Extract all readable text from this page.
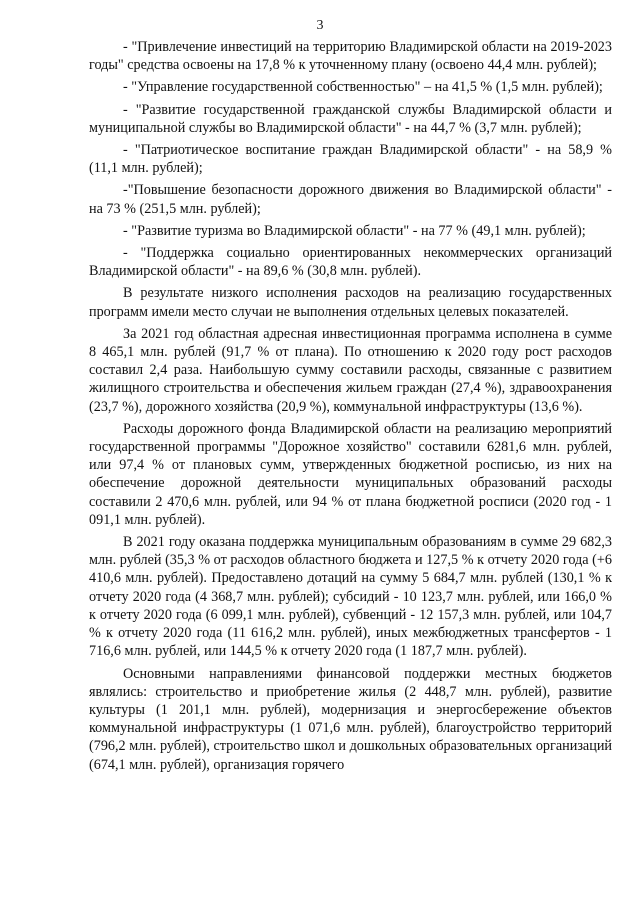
3

- "Привлечение инвестиций на территорию Владимирской области на 2019-2023 годы" средства освоены на 17,8 % к уточненному плану (освоено 44,4 млн. рублей);

- "Управление государственной собственностью" – на 41,5 % (1,5 млн. рублей);

- "Развитие государственной гражданской службы Владимирской области и муниципальной службы во Владимирской области" - на 44,7 % (3,7 млн. рублей);

- "Патриотическое воспитание граждан Владимирской области" - на 58,9 % (11,1 млн. рублей);

-"Повышение безопасности дорожного движения во Владимирской области" - на 73 % (251,5 млн. рублей);

- "Развитие туризма во Владимирской области" - на 77 % (49,1 млн. рублей);

- "Поддержка социально ориентированных некоммерческих организаций Владимирской области" - на 89,6 % (30,8 млн. рублей).

В результате низкого исполнения расходов на реализацию государственных программ имели место случаи не выполнения отдельных целевых показателей.

За 2021 год областная адресная инвестиционная программа исполнена в сумме 8 465,1 млн. рублей (91,7 % от плана). По отношению к 2020 году рост расходов составил 2,4 раза. Наибольшую сумму составили расходы, связанные с развитием жилищного строительства и обеспечения жильем граждан (27,4 %), здравоохранения (23,7 %), дорожного хозяйства (20,9 %), коммунальной инфраструктуры (13,6 %).

Расходы дорожного фонда Владимирской области на реализацию мероприятий государственной программы "Дорожное хозяйство" составили 6281,6 млн. рублей, или 97,4 % от плановых сумм, утвержденных бюджетной росписью, из них на обеспечение дорожной деятельности муниципальных образований расходы составили 2 470,6 млн. рублей, или 94 % от плана бюджетной росписи (2020 год - 1 091,1 млн. рублей).

В 2021 году оказана поддержка муниципальным образованиям в сумме 29 682,3 млн. рублей (35,3 % от расходов областного бюджета и 127,5 % к отчету 2020 года (+6 410,6 млн. рублей). Предоставлено дотаций на сумму 5 684,7 млн. рублей (130,1 % к отчету 2020 года (4 368,7 млн. рублей); субсидий - 10 123,7 млн. рублей, или 166,0 % к отчету 2020 года (6 099,1 млн. рублей), субвенций - 12 157,3 млн. рублей, или 104,7 % к отчету 2020 года (11 616,2 млн. рублей), иных межбюджетных трансфертов - 1 716,6 млн. рублей, или 144,5 % к отчету 2020 года (1 187,7 млн. рублей).

Основными направлениями финансовой поддержки местных бюджетов являлись: строительство и приобретение жилья (2 448,7 млн. рублей), развитие культуры (1 201,1 млн. рублей), модернизация и энергосбережение объектов коммунальной инфраструктуры (1 071,6 млн. рублей), благоустройство территорий (796,2 млн. рублей), строительство школ и дошкольных образовательных организаций (674,1 млн. рублей), организация горячего
